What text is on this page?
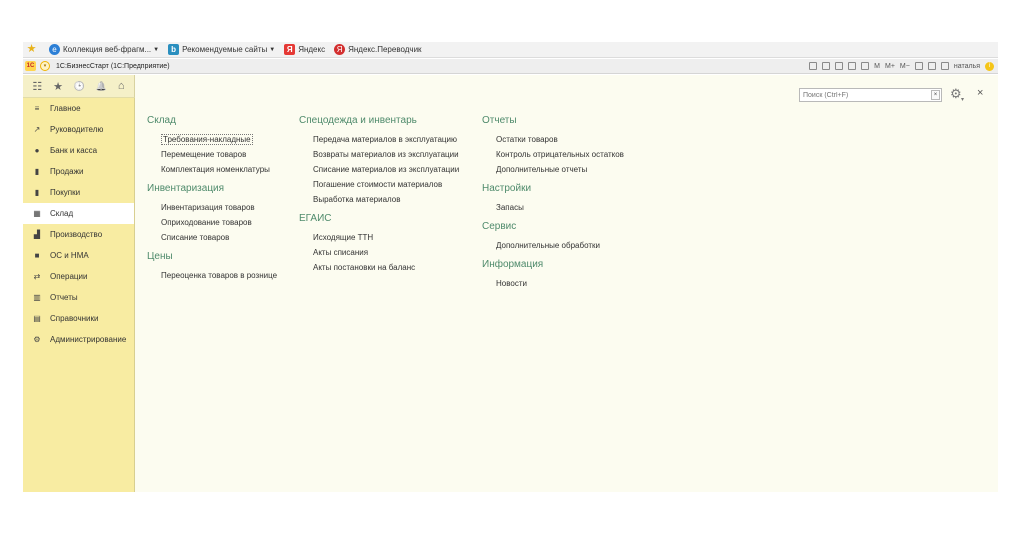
★	e Коллекция веб-фрагм... ▼	b Рекомендуемые сайты ▼	Я Яндекс	Я Яндекс.Переводчик
1С	▾	1С:БизнесСтарт (1С:Предприятие)	M M+ M−	наталья	i
☷ ★ 🕒 🔔 ⌂
≡	Главное
↗ Руководителю
●	Банк и касса
▮	Продажи
▮	Покупки
▦ Склад
▟ Производство
■	ОС и НМА
⇄ Операции
▥ Отчеты
▤ Справочники
⚙ Администрирование
Поиск (Ctrl+F)
× ⚙ ▾
×
Склад
Требования-накладные
Перемещение товаров
Комплектация номенклатуры
Инвентаризация
Инвентаризация товаров
Оприходование товаров
Списание товаров
Цены
Переоценка товаров в рознице
Спецодежда и инвентарь
Передача материалов в эксплуатацию
Возвраты материалов из эксплуатации
Списание материалов из эксплуатации
Погашение стоимости материалов
Выработка материалов
ЕГАИС
Исходящие ТТН
Акты списания
Акты постановки на баланс
Отчеты
Остатки товаров
Контроль отрицательных остатков
Дополнительные отчеты
Настройки
Запасы
Сервис
Дополнительные обработки
Информация
Новости
